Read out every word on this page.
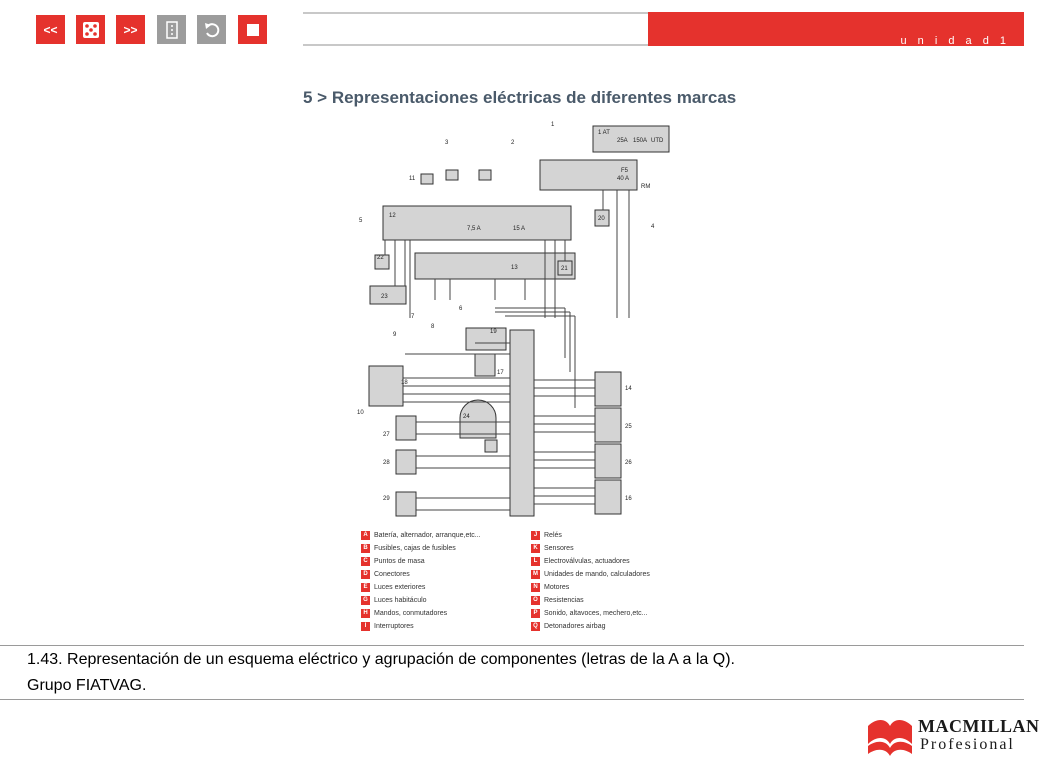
<<	>>
u n i d a d 1
5 > Representaciones eléctricas de diferentes marcas
1
2
3
4
5
6
7
8
9
10
11
12
13
14
16
17
18
19
20
21
22
23
24
25
26
27
28
29
F5
40 A
RM
7,5 A	15 A
25A 150A
1 AT
UTD
A Batería, alternador, arranque,etc...
B Fusibles, cajas de fusibles
C Puntos de masa
D Conectores
E Luces exteriores
G Luces habitáculo
H Mandos, conmutadores
I	Interruptores
J Relés
K Sensores
L Electroválvulas, actuadores
M Unidades de mando, calculadores
N Motores
O Resistencias
P Sonido, altavoces, mechero,etc...
Q Detonadores airbag
1.43. Representación de un esquema eléctrico y agrupación de componentes (letras de la A a la Q).
Grupo FIATVAG.
MACMILLAN
Profesional
